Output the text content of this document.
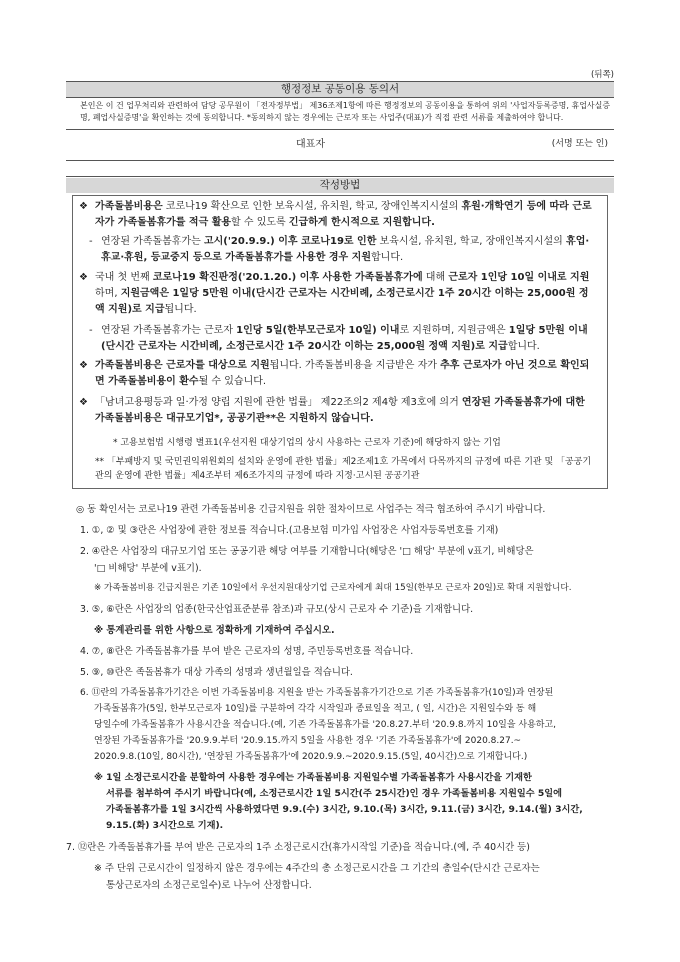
(뒤쪽)
행정정보 공동이용 동의서
본인은 이 건 업무처리와 관련하여 담당 공무원이 「전자정부법」 제36조제1항에 따른 행정정보의 공동이용을 통하여 위의 '사업자등록증명, 휴업사실증명, 폐업사실증명'을 확인하는 것에 동의합니다. *동의하지 않는 경우에는 근로자 또는 사업주(대표)가 직접 관련 서류를 제출하여야 합니다.
대표자	(서명 또는 인)
작성방법
❖ 가족돌봄비용은 코로나19 확산으로 인한 보육시설, 유치원, 학교, 장애인복지시설의 휴원·개학연기 등에 따라 근로자가 가족돌봄휴가를 적극 활용할 수 있도록 긴급하게 한시적으로 지원합니다.
- 연장된 가족돌봄휴가는 고시('20.9.9.) 이후 코로나19로 인한 보육시설, 유치원, 학교, 장애인복지시설의 휴업·휴교·휴원, 등교중지 등으로 가족돌봄휴가를 사용한 경우 지원합니다.
❖ 국내 첫 번째 코로나19 확진판정('20.1.20.) 이후 사용한 가족돌봄휴가에 대해 근로자 1인당 10일 이내로 지원하며, 지원금액은 1일당 5만원 이내(단시간 근로자는 시간비례, 소정근로시간 1주 20시간 이하는 25,000원 정액 지원)로 지급됩니다.
- 연장된 가족돌봄휴가는 근로자 1인당 5일(한부모근로자 10일) 이내로 지원하며, 지원금액은 1일당 5만원 이내(단시간 근로자는 시간비례, 소정근로시간 1주 20시간 이하는 25,000원 정액 지원)로 지급합니다.
❖ 가족돌봄비용은 근로자를 대상으로 지원됩니다. 가족돌봄비용을 지급받은 자가 추후 근로자가 아닌 것으로 확인되면 가족돌봄비용이 환수될 수 있습니다.
❖ 「남녀고용평등과 일·가정 양립 지원에 관한 법률」 제22조의2 제4항 제3호에 의거 연장된 가족돌봄휴가에 대한 가족돌봄비용은 대규모기업*, 공공기관**은 지원하지 않습니다.
* 고용보험법 시행령 별표1(우선지원 대상기업의 상시 사용하는 근로자 기준)에 해당하지 않는 기업
** 「부패방지 및 국민권익위원회의 설치와 운영에 관한 법률」제2조제1호 가목에서 다목까지의 규정에 따른 기관 및 「공공기관의 운영에 관한 법률」제4조부터 제6조가지의 규정에 따라 지정·고시된 공공기관
◎ 동 확인서는 코로나19 관련 가족돌봄비용 긴급지원을 위한 절차이므로 사업주는 적극 협조하여 주시기 바랍니다.
1. ①, ② 및 ③란은 사업장에 관한 정보를 적습니다.(고용보험 미가입 사업장은 사업자등록번호를 기재)
2. ④란은 사업장의 대규모기업 또는 공공기관 해당 여부를 기재합니다(해당은 '□ 해당' 부분에 v표기, 비해당은
'□ 비해당' 부분에 v표기).
※ 가족돌봄비용 긴급지원은 기존 10일에서 우선지원대상기업 근로자에게 최대 15일(한부모 근로자 20일)로 확대 지원합니다.
3. ⑤, ⑥란은 사업장의 업종(한국산업표준분류 참조)과 규모(상시 근로자 수 기준)을 기재합니다.
※ 통계관리를 위한 사항으로 정확하게 기재하여 주십시오.
4. ⑦, ⑧란은 가족돌봄휴가를 부여 받은 근로자의 성명, 주민등록번호를 적습니다.
5. ⑨, ⑩란은 족돌봄휴가 대상 가족의 성명과 생년월일을 적습니다.
6. ⑪란의 가족돌봄휴가기간은 이번 가족돌봄비용 지원을 받는 가족돌봄휴가기간으로 기존 가족돌봄휴가(10일)과 연장된
가족돌봄휴가(5일, 한부모근로자 10일)를 구분하여 각각 시작일과 종료일을 적고, ( 일, 시간)은 지원일수와 동 해
당일수에 가족돌봄휴가 사용시간을 적습니다.(예, 기존 가족돌봄휴가를 '20.8.27.부터 '20.9.8.까지 10일을 사용하고,
연장된 가족돌봄휴가를 '20.9.9.부터 '20.9.15.까지 5일을 사용한 경우 '기존 가족돌봄휴가'에 2020.8.27.~
2020.9.8.(10일, 80시간), '연장된 가족돌봄휴가'에 2020.9.9.~2020.9.15.(5일, 40시간)으로 기재합니다.)
※ 1일 소정근로시간을 분할하여 사용한 경우에는 가족돌봄비용 지원일수별 가족돌봄휴가 사용시간을 기재한
서류를 첨부하여 주시기 바랍니다(예, 소정근로시간 1일 5시간(주 25시간)인 경우 가족돌봄비용 지원일수 5일에
가족돌봄휴가를 1일 3시간씩 사용하였다면 9.9.(수) 3시간, 9.10.(목) 3시간, 9.11.(금) 3시간, 9.14.(월) 3시간,
9.15.(화) 3시간으로 기재).
7. ⑫란은 가족돌봄휴가를 부여 받은 근로자의 1주 소정근로시간(휴가시작일 기준)을 적습니다.(예, 주 40시간 등)
※ 주 단위 근로시간이 일정하지 않은 경우에는 4주간의 총 소정근로시간을 그 기간의 총일수(단시간 근로자는
통상근로자의 소정근로일수)로 나누어 산정합니다.
